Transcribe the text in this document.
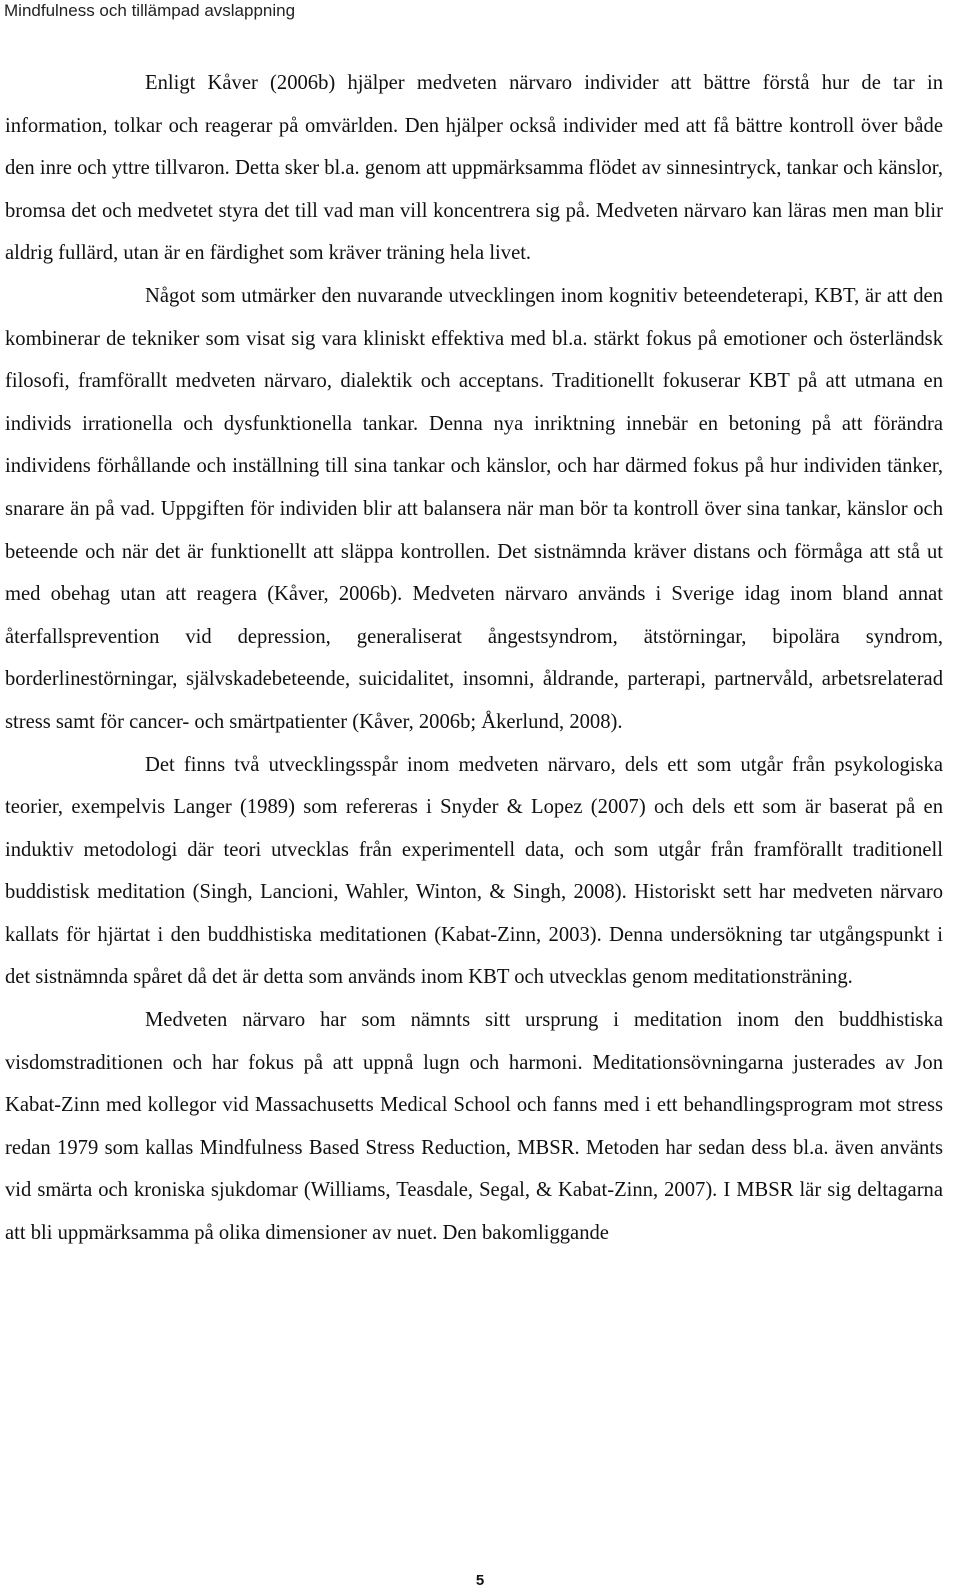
Mindfulness och tillämpad avslappning

Enligt Kåver (2006b) hjälper medveten närvaro individer att bättre förstå hur de tar in information, tolkar och reagerar på omvärlden. Den hjälper också individer med att få bättre kontroll över både den inre och yttre tillvaron. Detta sker bl.a. genom att uppmärksamma flödet av sinnesintryck, tankar och känslor, bromsa det och medvetet styra det till vad man vill koncentrera sig på. Medveten närvaro kan läras men man blir aldrig fullärd, utan är en färdighet som kräver träning hela livet.

Något som utmärker den nuvarande utvecklingen inom kognitiv beteendeterapi, KBT, är att den kombinerar de tekniker som visat sig vara kliniskt effektiva med bl.a. stärkt fokus på emotioner och österländsk filosofi, framförallt medveten närvaro, dialektik och acceptans. Traditionellt fokuserar KBT på att utmana en individs irrationella och dysfunktionella tankar. Denna nya inriktning innebär en betoning på att förändra individens förhållande och inställning till sina tankar och känslor, och har därmed fokus på hur individen tänker, snarare än på vad. Uppgiften för individen blir att balansera när man bör ta kontroll över sina tankar, känslor och beteende och när det är funktionellt att släppa kontrollen. Det sistnämnda kräver distans och förmåga att stå ut med obehag utan att reagera (Kåver, 2006b). Medveten närvaro används i Sverige idag inom bland annat återfallsprevention vid depression, generaliserat ångestsyndrom, ätstörningar, bipolära syndrom, borderlinestörningar, självskadebeteende, suicidalitet, insomni, åldrande, parterapi, partnervåld, arbetsrelaterad stress samt för cancer- och smärtpatienter (Kåver, 2006b; Åkerlund, 2008).

Det finns två utvecklingsspår inom medveten närvaro, dels ett som utgår från psykologiska teorier, exempelvis Langer (1989) som refereras i Snyder & Lopez (2007) och dels ett som är baserat på en induktiv metodologi där teori utvecklas från experimentell data, och som utgår från framförallt traditionell buddistisk meditation (Singh, Lancioni, Wahler, Winton, & Singh, 2008). Historiskt sett har medveten närvaro kallats för hjärtat i den buddhistiska meditationen (Kabat-Zinn, 2003). Denna undersökning tar utgångspunkt i det sistnämnda spåret då det är detta som används inom KBT och utvecklas genom meditationsträning.

Medveten närvaro har som nämnts sitt ursprung i meditation inom den buddhistiska visdomstraditionen och har fokus på att uppnå lugn och harmoni. Meditationsövningarna justerades av Jon Kabat-Zinn med kollegor vid Massachusetts Medical School och fanns med i ett behandlingsprogram mot stress redan 1979 som kallas Mindfulness Based Stress Reduction, MBSR. Metoden har sedan dess bl.a. även använts vid smärta och kroniska sjukdomar (Williams, Teasdale, Segal, & Kabat-Zinn, 2007). I MBSR lär sig deltagarna att bli uppmärksamma på olika dimensioner av nuet. Den bakomliggande

5
